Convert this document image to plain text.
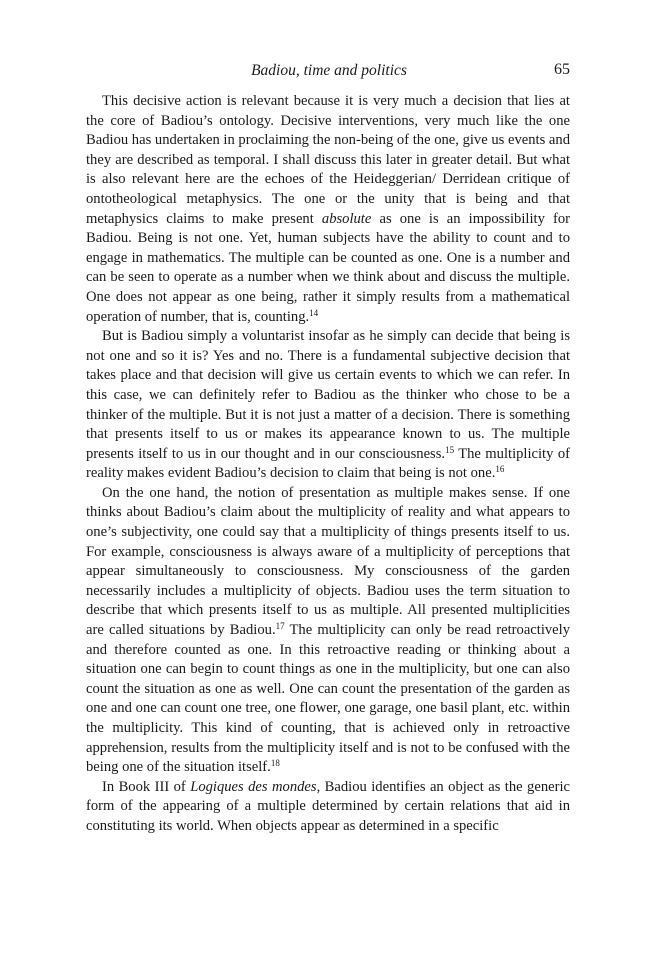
Badiou, time and politics	65

This decisive action is relevant because it is very much a decision that lies at the core of Badiou’s ontology. Decisive interventions, very much like the one Badiou has undertaken in proclaiming the non-being of the one, give us events and they are described as temporal. I shall discuss this later in greater detail. But what is also relevant here are the echoes of the Heideggerian/ Derridean critique of ontotheological metaphysics. The one or the unity that is being and that metaphysics claims to make present absolute as one is an impossibility for Badiou. Being is not one. Yet, human subjects have the ability to count and to engage in mathematics. The multiple can be counted as one. One is a number and can be seen to operate as a number when we think about and discuss the multiple. One does not appear as one being, rather it simply results from a mathematical operation of number, that is, counting.$^{14}$

But is Badiou simply a voluntarist insofar as he simply can decide that being is not one and so it is? Yes and no. There is a fundamental subjective decision that takes place and that decision will give us certain events to which we can refer. In this case, we can definitely refer to Badiou as the thinker who chose to be a thinker of the multiple. But it is not just a matter of a decision. There is something that presents itself to us or makes its appearance known to us. The multiple presents itself to us in our thought and in our consciousness.$^{15}$ The multiplicity of reality makes evident Badiou’s decision to claim that being is not one.$^{16}$

On the one hand, the notion of presentation as multiple makes sense. If one thinks about Badiou’s claim about the multiplicity of reality and what appears to one’s subjectivity, one could say that a multiplicity of things presents itself to us. For example, consciousness is always aware of a multiplicity of perceptions that appear simultaneously to consciousness. My consciousness of the garden necessarily includes a multiplicity of objects. Badiou uses the term situation to describe that which presents itself to us as multiple. All presented multiplicities are called situations by Badiou.$^{17}$ The multiplicity can only be read retroactively and therefore counted as one. In this retroactive reading or thinking about a situation one can begin to count things as one in the multiplicity, but one can also count the situation as one as well. One can count the presentation of the garden as one and one can count one tree, one flower, one garage, one basil plant, etc. within the multiplicity. This kind of counting, that is achieved only in retroactive apprehension, results from the multiplicity itself and is not to be confused with the being one of the situation itself.$^{18}$

In Book III of Logiques des mondes, Badiou identifies an object as the generic form of the appearing of a multiple determined by certain relations that aid in constituting its world. When objects appear as determined in a specific
